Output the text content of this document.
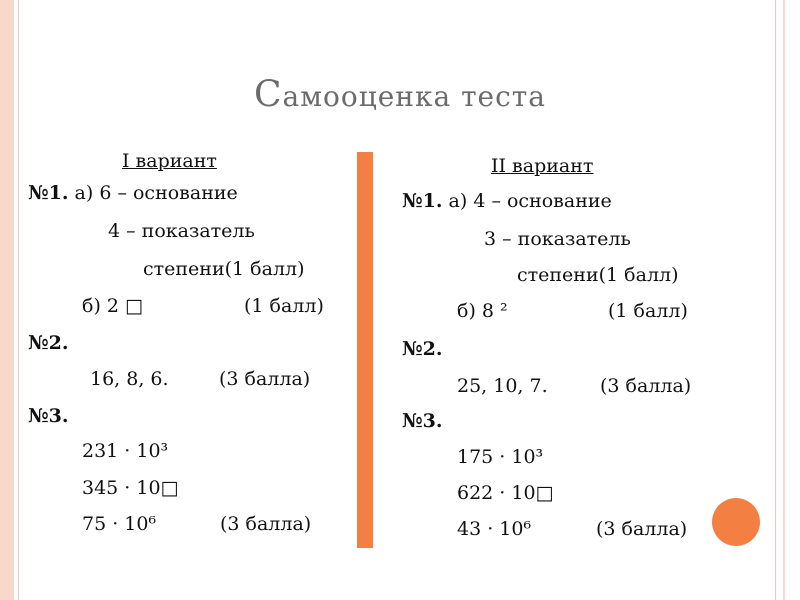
Самооценка теста
I вариант
№1. а) 6 – основание
4 – показатель
степени(1 балл)
б) 2 □	(1 балл)
№2.
16, 8, 6.	(3 балла)
№3.
231 · 10³
345 · 10□
75 · 10⁶	(3 балла)
II вариант
№1. а) 4 – основание
3 – показатель
степени(1 балл)
б) 8 ²	(1 балл)
№2.
25, 10, 7.	(3 балла)
№3.
175 · 10³
622 · 10□
43 · 10⁶	(3 балла)
